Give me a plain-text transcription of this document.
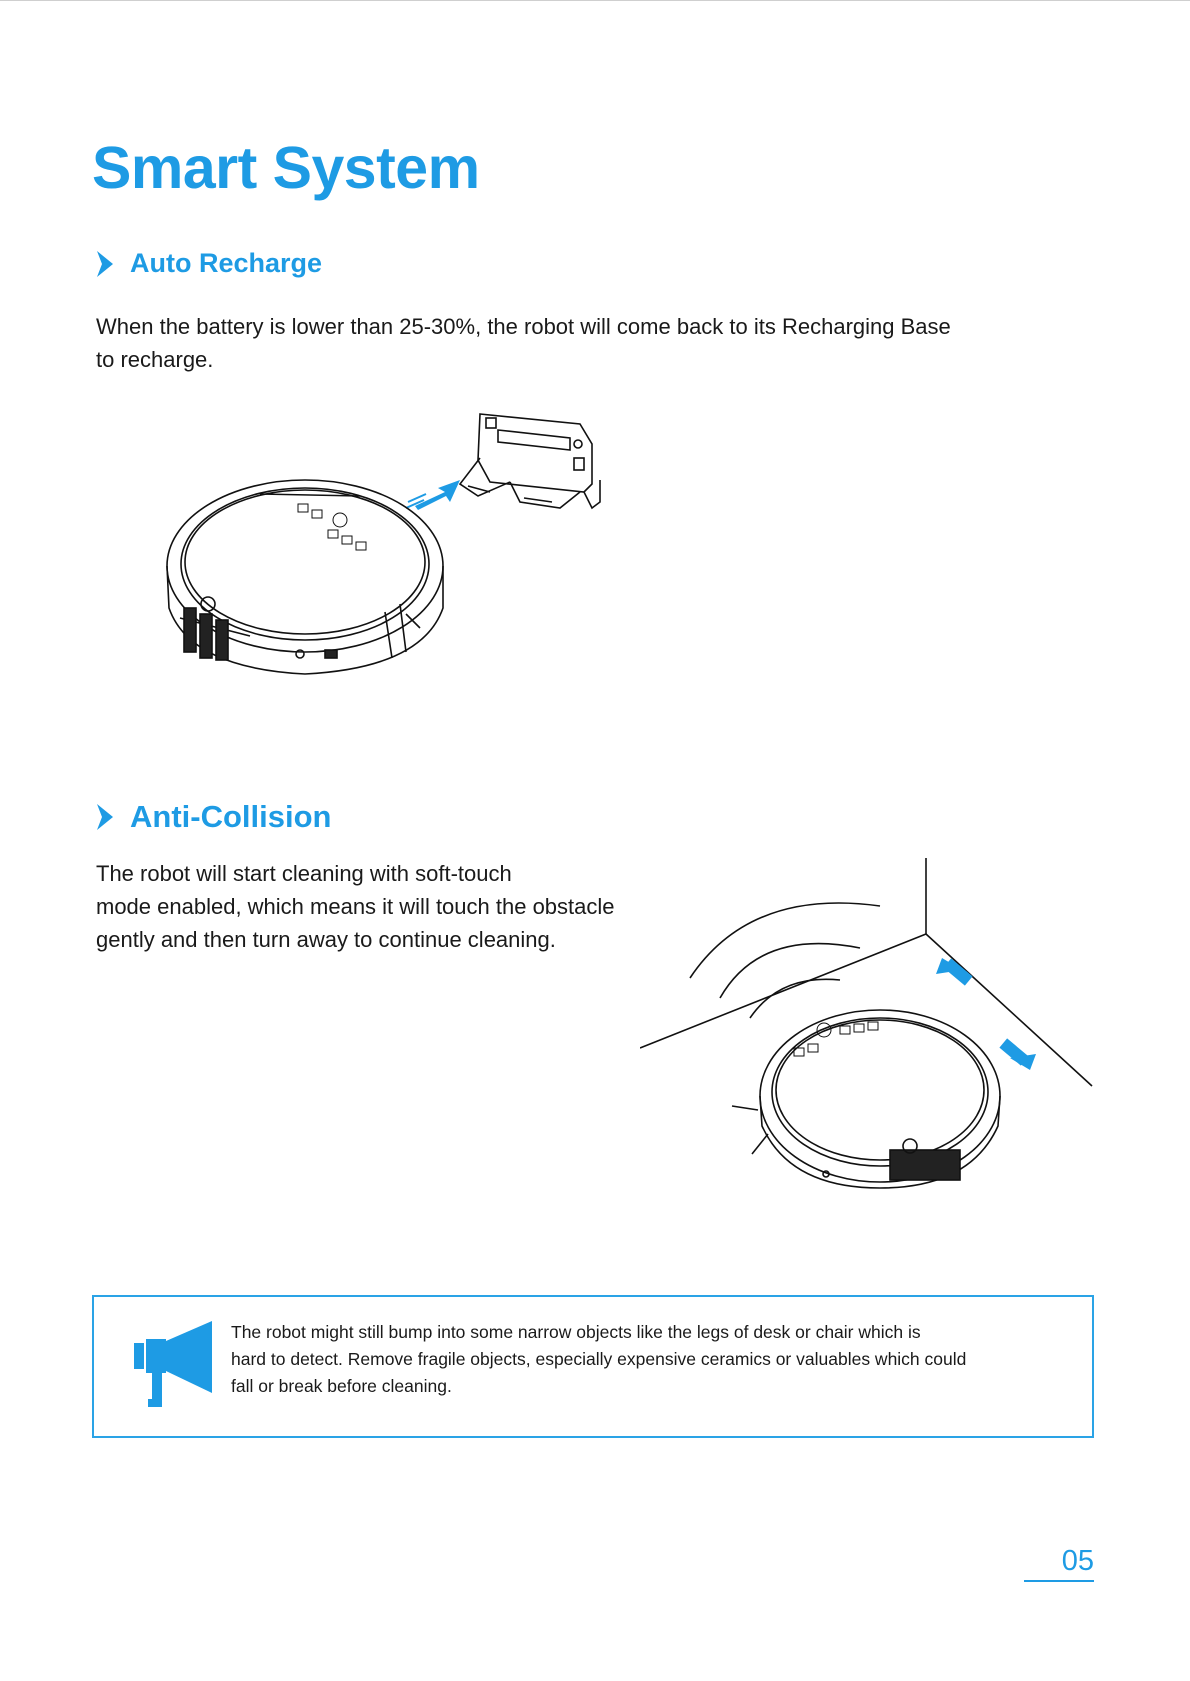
Smart System
Auto Recharge

When the battery is lower than 25-30%, the robot will come back to its Recharging Base
to recharge.

Anti-Collision

The robot will start cleaning with soft-touch
mode enabled, which means it will touch the obstacle
gently and then turn away to continue cleaning.

The robot might still bump into some narrow objects like the legs of desk or chair which is
hard to detect. Remove fragile objects, especially expensive ceramics or valuables which could
fall or break before cleaning.

05
